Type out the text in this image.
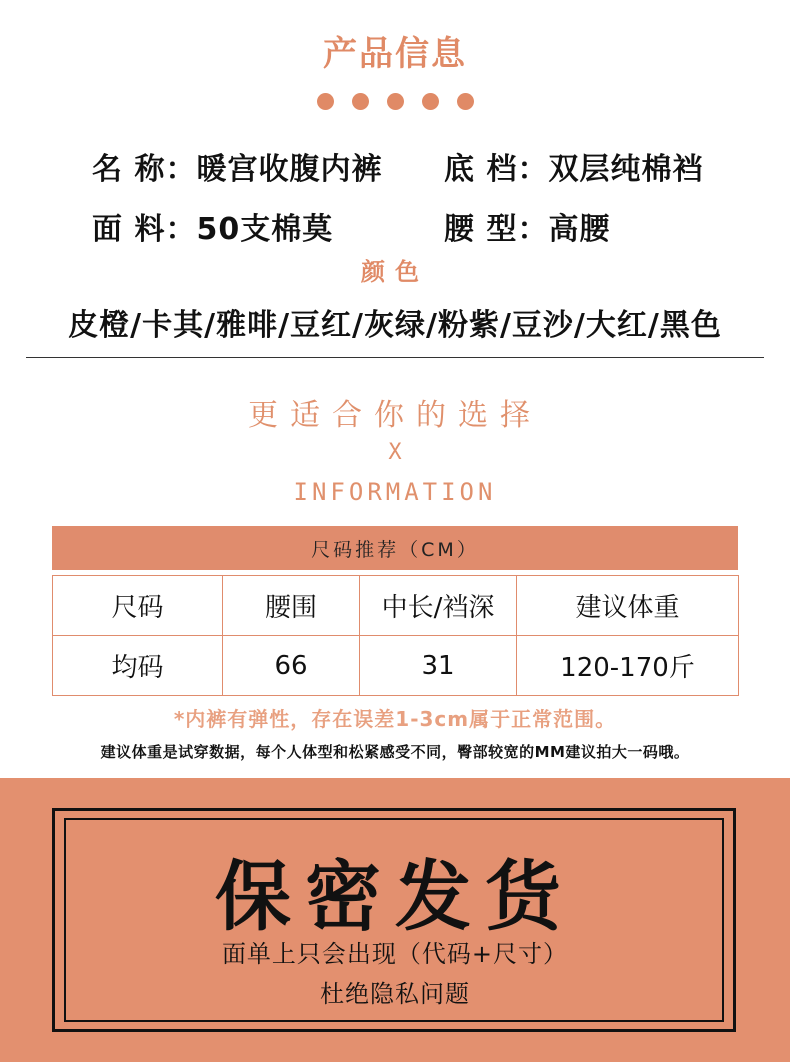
产品信息
名 称：暖宫收腹内裤 底 档：双层纯棉裆
面 料：50支棉莫	腰 型：高腰
颜色
皮橙/卡其/雅啡/豆红/灰绿/粉紫/豆沙/大红/黑色
更适合你的选择
X
INFORMATION
尺码推荐（CM）
尺码	腰围	中长/裆深	建议体重
均码	66	31	120-170斤
*内裤有弹性，存在误差1-3cm属于正常范围。
建议体重是试穿数据，每个人体型和松紧感受不同，臀部较宽的MM建议拍大一码哦。
保密发货
面单上只会出现（代码+尺寸）
杜绝隐私问题
